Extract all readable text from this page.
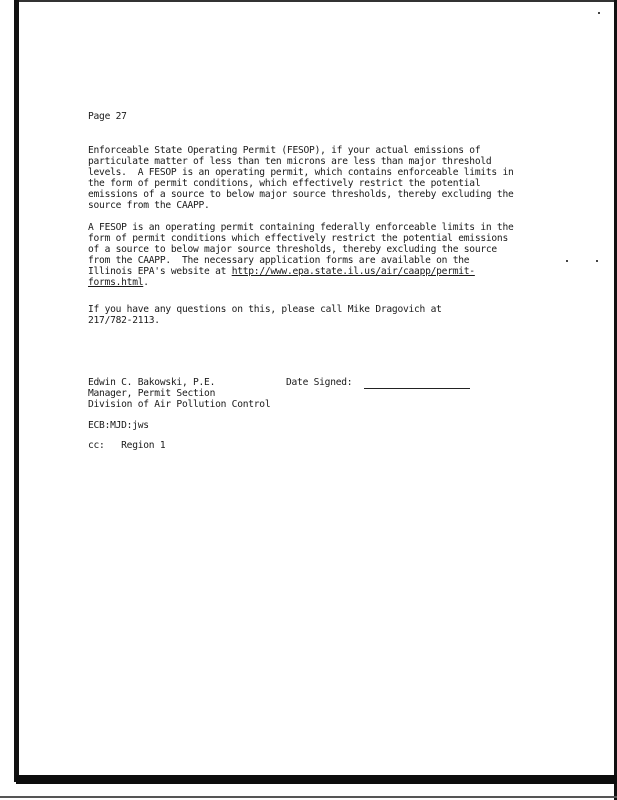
Page 27
Enforceable State Operating Permit (FESOP), if your actual emissions of
particulate matter of less than ten microns are less than major threshold
levels.  A FESOP is an operating permit, which contains enforceable limits in
the form of permit conditions, which effectively restrict the potential
emissions of a source to below major source thresholds, thereby excluding the
source from the CAAPP.
A FESOP is an operating permit containing federally enforceable limits in the
form of permit conditions which effectively restrict the potential emissions
of a source to below major source thresholds, thereby excluding the source
from the CAAPP.  The necessary application forms are available on the
Illinois EPA's website at http://www.epa.state.il.us/air/caapp/permit-
forms.html.
If you have any questions on this, please call Mike Dragovich at
217/782-2113.
Edwin C. Bakowski, P.E.	Date Signed:
Manager, Permit Section
Division of Air Pollution Control
ECB:MJD:jws
cc:   Region 1
